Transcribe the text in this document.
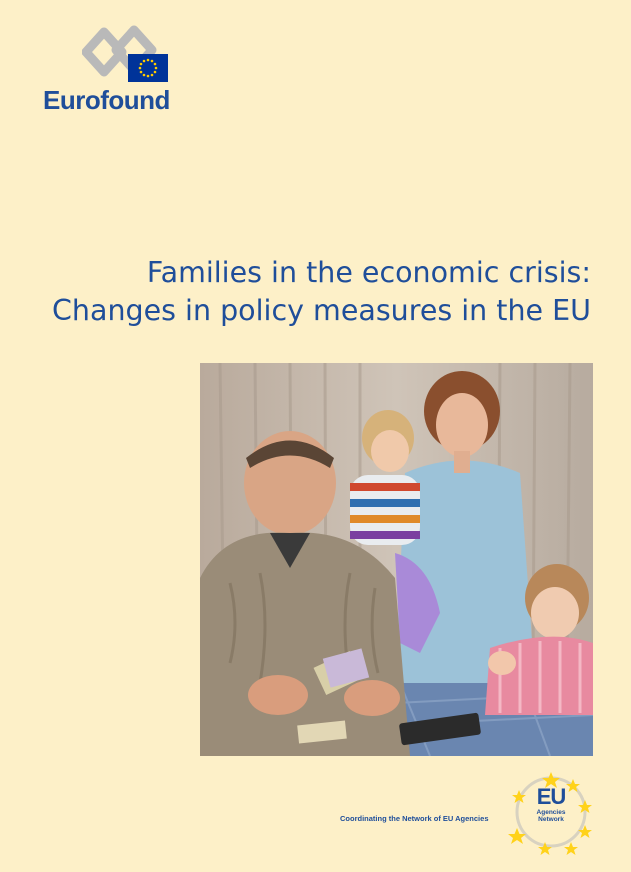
Eurofound
Families in the economic crisis:
Changes in policy measures in the EU
Coordinating the Network of EU Agencies
EU
Agencies
Network
